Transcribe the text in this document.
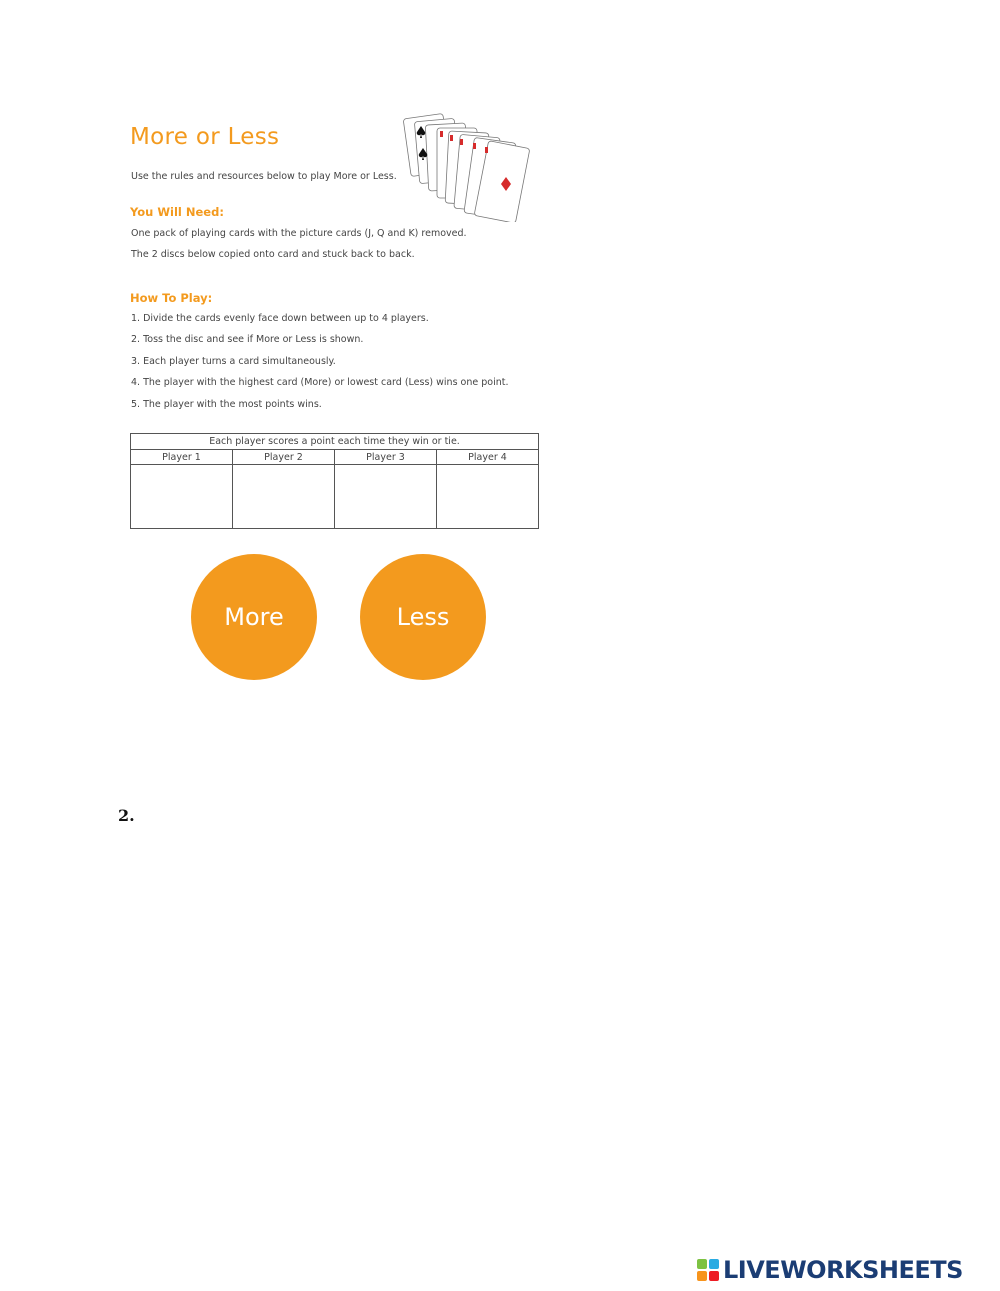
More or Less
Use the rules and resources below to play More or Less.
You Will Need:
One pack of playing cards with the picture cards (J, Q and K) removed.
The 2 discs below copied onto card and stuck back to back.
How To Play:
1. Divide the cards evenly face down between up to 4 players.
2. Toss the disc and see if More or Less is shown.
3. Each player turns a card simultaneously.
4. The player with the highest card (More) or lowest card (Less) wins one point.
5. The player with the most points wins.
Each player scores a point each time they win or tie.			
Player 1	Player 2	Player 3	Player 4

More	Less
2.
LIVEWORKSHEETS
